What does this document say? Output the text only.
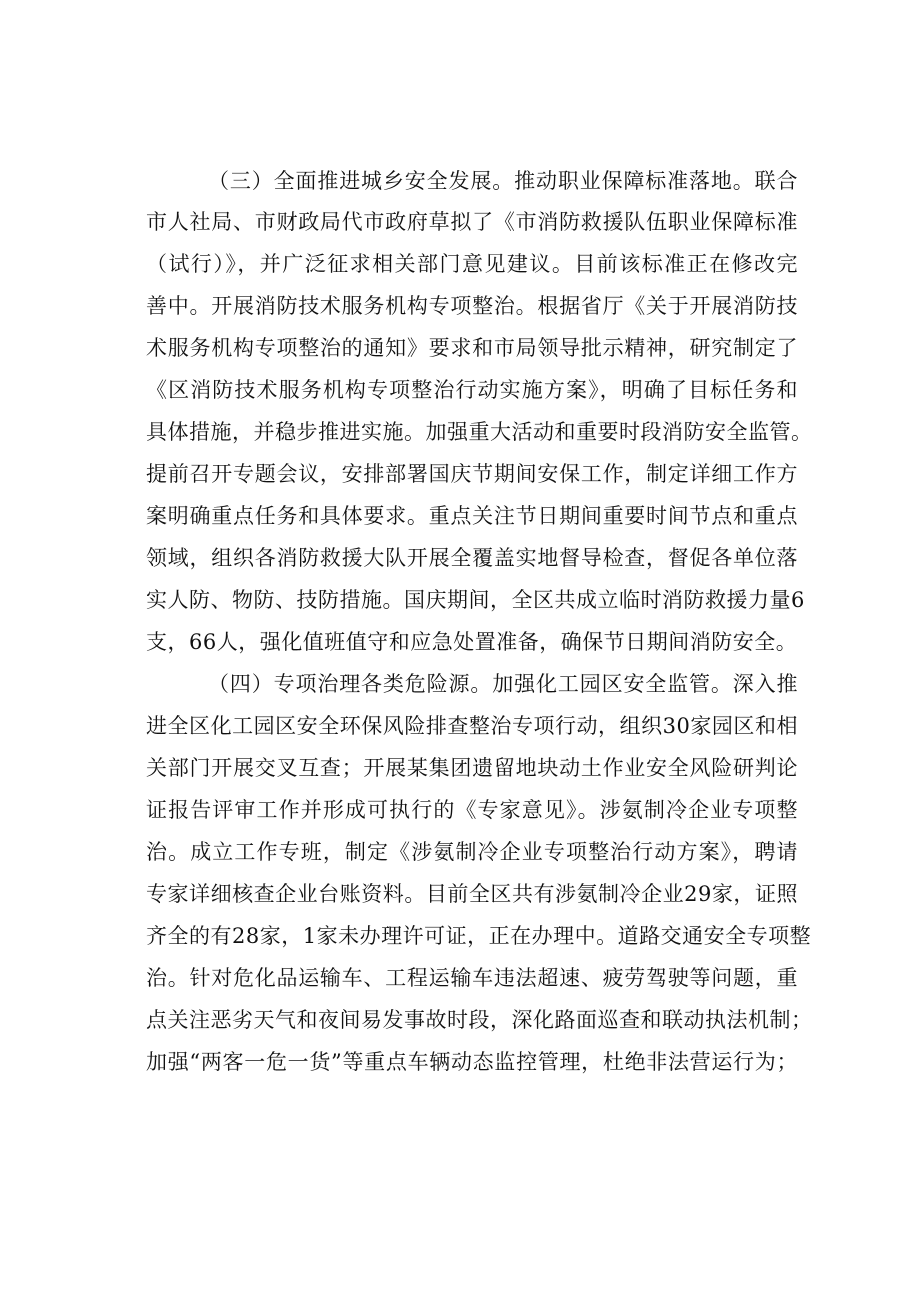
（三）全面推进城乡安全发展。推动职业保障标准落地。联合
市人社局、市财政局代市政府草拟了《市消防救援队伍职业保障标准
（试行）》，并广泛征求相关部门意见建议。目前该标准正在修改完
善中。开展消防技术服务机构专项整治。根据省厅《关于开展消防技
术服务机构专项整治的通知》要求和市局领导批示精神，研究制定了
《区消防技术服务机构专项整治行动实施方案》，明确了目标任务和
具体措施，并稳步推进实施。加强重大活动和重要时段消防安全监管。
提前召开专题会议，安排部署国庆节期间安保工作，制定详细工作方
案明确重点任务和具体要求。重点关注节日期间重要时间节点和重点
领域，组织各消防救援大队开展全覆盖实地督导检查，督促各单位落
实人防、物防、技防措施。国庆期间，全区共成立临时消防救援力量6
支，66人，强化值班值守和应急处置准备，确保节日期间消防安全。
（四）专项治理各类危险源。加强化工园区安全监管。深入推
进全区化工园区安全环保风险排查整治专项行动，组织30家园区和相
关部门开展交叉互查；开展某集团遗留地块动土作业安全风险研判论
证报告评审工作并形成可执行的《专家意见》。涉氨制冷企业专项整
治。成立工作专班，制定《涉氨制冷企业专项整治行动方案》，聘请
专家详细核查企业台账资料。目前全区共有涉氨制冷企业29家，证照
齐全的有28家，1家未办理许可证，正在办理中。道路交通安全专项整
治。针对危化品运输车、工程运输车违法超速、疲劳驾驶等问题，重
点关注恶劣天气和夜间易发事故时段，深化路面巡查和联动执法机制；
加强“两客一危一货”等重点车辆动态监控管理，杜绝非法营运行为；
